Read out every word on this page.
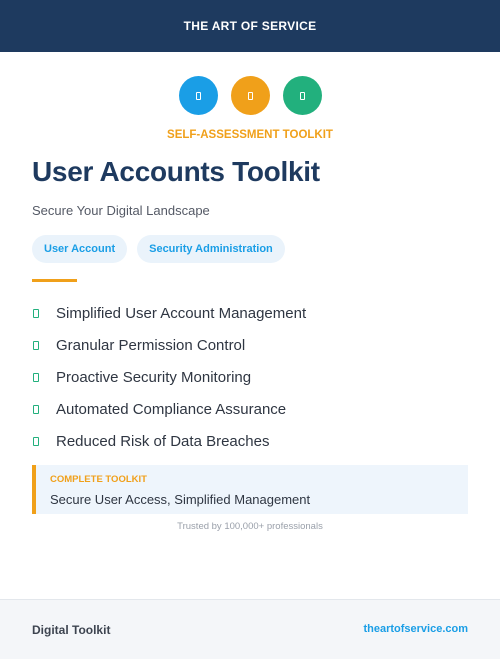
THE ART OF SERVICE
SELF-ASSESSMENT TOOLKIT
User Accounts Toolkit
Secure Your Digital Landscape
User Account	Security Administration
Simplified User Account Management
Granular Permission Control
Proactive Security Monitoring
Automated Compliance Assurance
Reduced Risk of Data Breaches
COMPLETE TOOLKIT
Secure User Access, Simplified Management
Trusted by 100,000+ professionals
Digital Toolkit	theartofservice.com
